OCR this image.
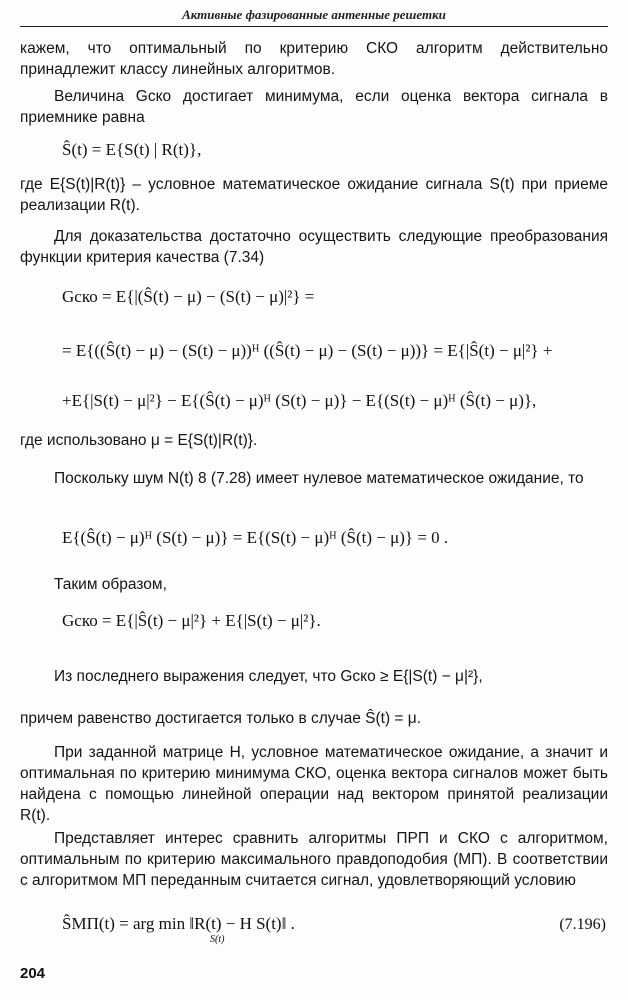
Активные фазированные антенные решетки
кажем, что оптимальный по критерию СКО алгоритм действительно принадлежит классу линейных алгоритмов.
Величина Gско достигает минимума, если оценка вектора сигнала в приемнике равна
Ŝ(t) = E{S(t) | R(t)},
где E{S(t)|R(t)} – условное математическое ожидание сигнала S(t) при приеме реализации R(t).
Для доказательства достаточно осуществить следующие преобразования функции критерия качества (7.34)
Gско = E{|(Ŝ(t) − μ) − (S(t) − μ)|²} =
= E{((Ŝ(t) − μ) − (S(t) − μ))ᴴ ((Ŝ(t) − μ) − (S(t) − μ))} = E{|Ŝ(t) − μ|²} +
+E{|S(t) − μ|²} − E{(Ŝ(t) − μ)ᴴ (S(t) − μ)} − E{(S(t) − μ)ᴴ (Ŝ(t) − μ)},
где использовано μ = E{S(t)|R(t)}.
Поскольку шум N(t) 8 (7.28) имеет нулевое математическое ожидание, то
E{(Ŝ(t) − μ)ᴴ (S(t) − μ)} = E{(S(t) − μ)ᴴ (Ŝ(t) − μ)} = 0 .
Таким образом,
Gско = E{|Ŝ(t) − μ|²} + E{|S(t) − μ|²}.
Из последнего выражения следует, что Gско ≥ E{|S(t) − μ|²},
причем равенство достигается только в случае Ŝ(t) = μ.
При заданной матрице H, условное математическое ожидание, а значит и оптимальная по критерию минимума СКО, оценка вектора сигналов может быть найдена с помощью линейной операции над вектором принятой реализации R(t).
Представляет интерес сравнить алгоритмы ПРП и СКО с алгоритмом, оптимальным по критерию максимального правдоподобия (МП). В соответствии с алгоритмом МП переданным считается сигнал, удовлетворяющий условию
ŜМП(t) = arg min ‖R(t) − H S(t)‖ .
S(t)
(7.196)
204
